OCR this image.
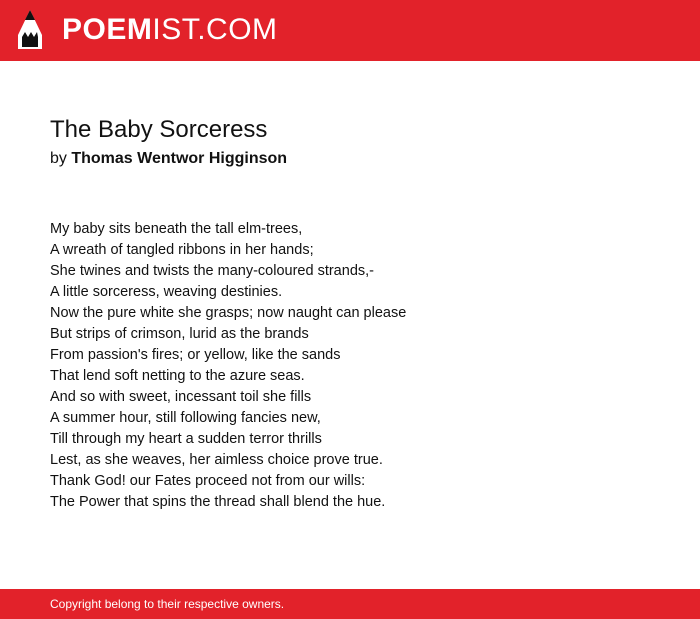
POEMIST.COM
The Baby Sorceress
by Thomas Wentwor Higginson
My baby sits beneath the tall elm-trees,
A wreath of tangled ribbons in her hands;
She twines and twists the many-coloured strands,-
A little sorceress, weaving destinies.
Now the pure white she grasps; now naught can please
But strips of crimson, lurid as the brands
From passion's fires; or yellow, like the sands
That lend soft netting to the azure seas.
And so with sweet, incessant toil she fills
A summer hour, still following fancies new,
Till through my heart a sudden terror thrills
Lest, as she weaves, her aimless choice prove true.
Thank God! our Fates proceed not from our wills:
The Power that spins the thread shall blend the hue.
Copyright belong to their respective owners.
